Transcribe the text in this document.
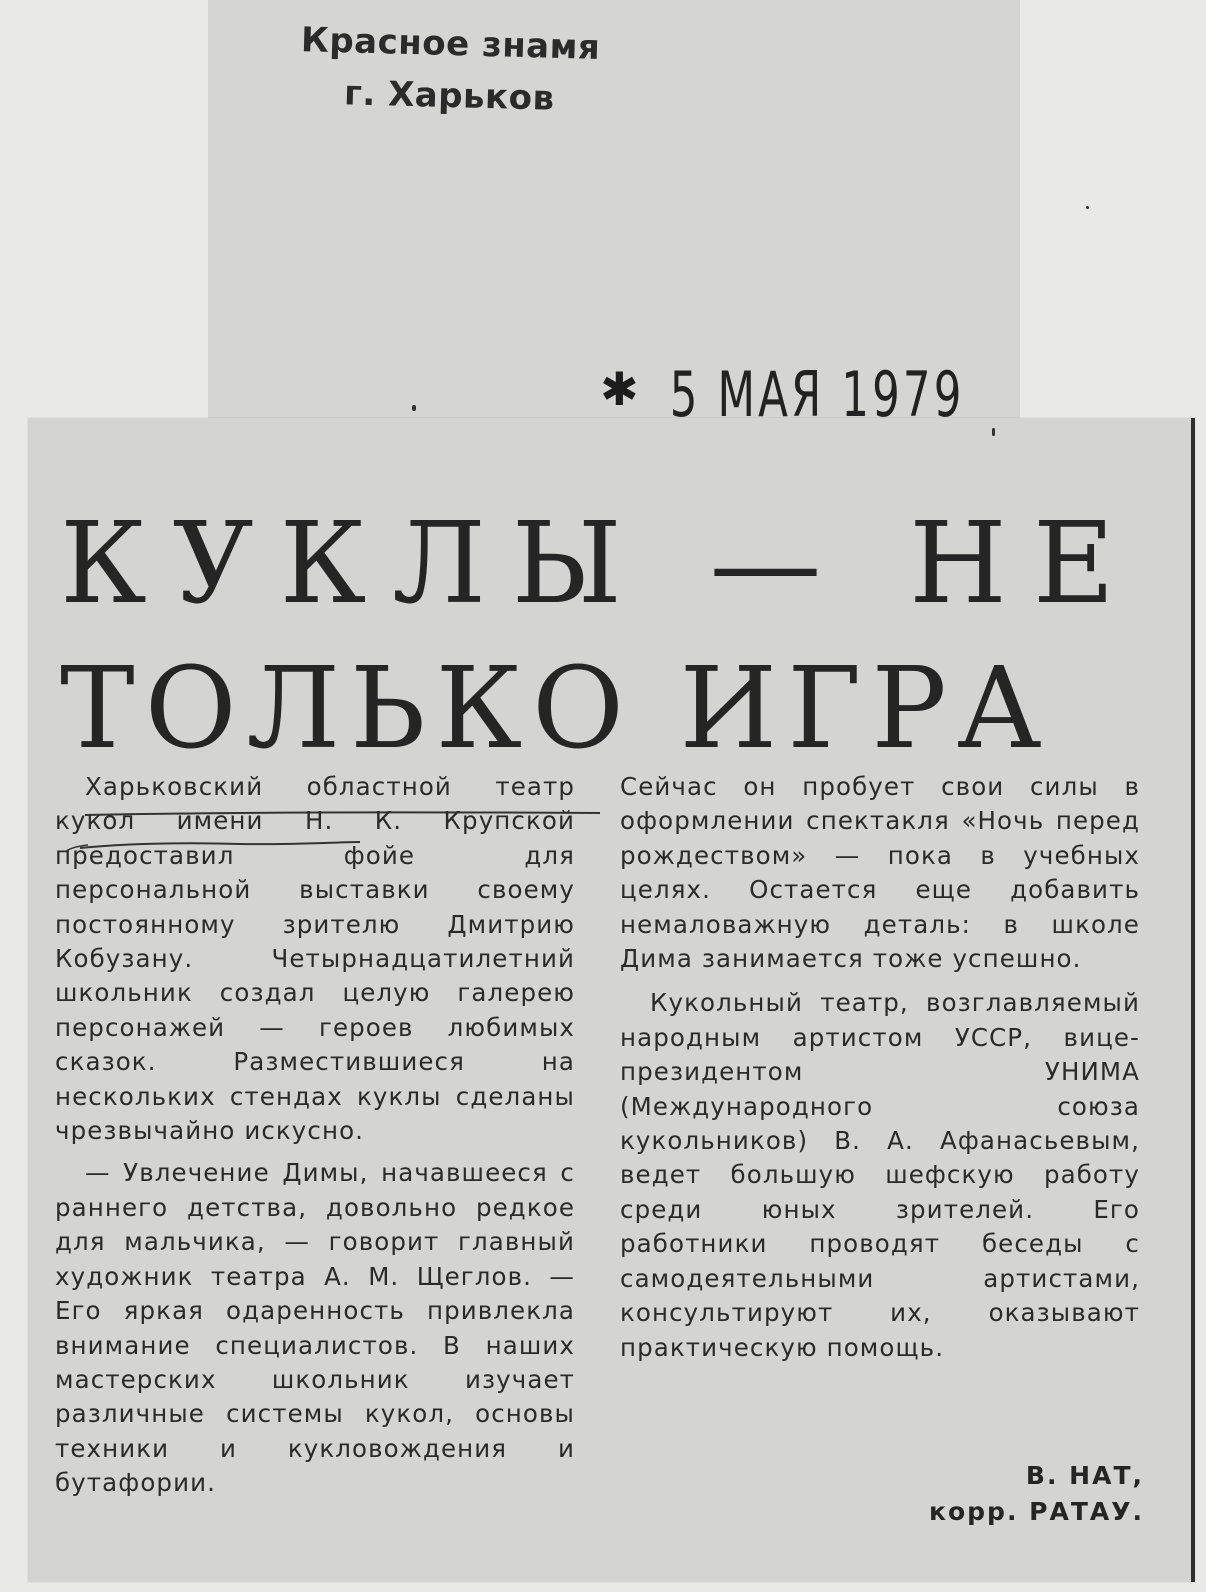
Красное знамя
г. Харьков
✱ 5 МАЯ 1979
КУКЛЫ — НЕ
ТОЛЬКО ИГРА

Харьковский областной театр кукол имени Н. К. Крупской предоставил фойе для персональной выставки своему постоянному зрителю Дмитрию Кобузану. Четырнадцатилетний школьник создал целую галерею персонажей — героев любимых сказок. Разместившиеся на нескольких стендах куклы сделаны чрезвычайно искусно.

— Увлечение Димы, начавшееся с раннего детства, довольно редкое для мальчика, — говорит главный художник театра А. М. Щеглов. — Его яркая одаренность привлекла внимание специалистов. В наших мастерских школьник изучает различные системы кукол, основы техники и кукловождения и бутафории.

Сейчас он пробует свои силы в оформлении спектакля «Ночь перед рождеством» — пока в учебных целях. Остается еще добавить немаловажную деталь: в школе Дима занимается тоже успешно.

Кукольный театр, возглавляемый народным артистом УССР, вице-президентом УНИМА (Международного союза кукольников) В. А. Афанасьевым, ведет большую шефскую работу среди юных зрителей. Его работники проводят беседы с самодеятельными артистами, консультируют их, оказывают практическую помощь.

В. НАТ,
корр. РАТАУ.
